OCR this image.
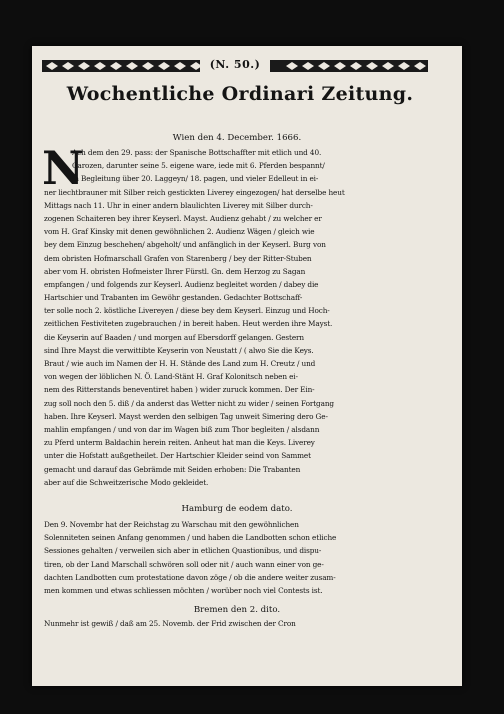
(N. 50.)
Wochentliche Ordinari Zeitung.
Wien den 4. December. 1666.
N
Ach dem den 29. pass: der Spanische Bottschaffter mit etlich und 40.
Carozen, darunter seine 5. eigene ware, iede mit 6. Pferden bespannt/
in Begleitung über 20. Laggeyn/ 18. pagen, und vieler Edelleut in ei-
ner liechtbrauner mit Silber reich gestickten Liverey eingezogen/ hat derselbe heut
Mittags nach 11. Uhr in einer andern blaulichten Liverey mit Silber durch-
zogenen Schaiteren bey ihrer Keyserl. Mayst. Audienz gehabt / zu welcher er
vom H. Graf Kinsky mit denen gewöhnlichen 2. Audienz Wägen / gleich wie
bey dem Einzug beschehen/ abgeholt/ und anfänglich in der Keyserl. Burg von
dem obristen Hofmarschall Grafen von Starenberg / bey der Ritter-Stuben
aber vom H. obristen Hofmeister Ihrer Fürstl. Gn. dem Herzog zu Sagan
empfangen / und folgends zur Keyserl. Audienz begleitet worden / dabey die
Hartschier und Trabanten im Gewöhr gestanden. Gedachter Bottschaff-
ter solle noch 2. köstliche Livereyen / diese bey dem Keyserl. Einzug und Hoch-
zeitlichen Festiviteten zugebrauchen / in bereit haben. Heut werden ihre Mayst.
die Keyserin auf Baaden / und morgen auf Ebersdorff gelangen. Gestern
sind Ihre Mayst die verwittibte Keyserin von Neustatt / ( alwo Sie die Keys.
Braut / wie auch im Namen der H. H. Stände des Land zum H. Creutz / und
von wegen der löblichen N. Ö. Land-Stänt H. Graf Kolonitsch neben ei-
nem des Ritterstands beneventiret haben ) wider zuruck kommen. Der Ein-
zug soll noch den 5. diß / da anderst das Wetter nicht zu wider / seinen Fortgang
haben. Ihre Keyserl. Mayst werden den selbigen Tag unweit Simering dero Ge-
mahlin empfangen / und von dar im Wagen biß zum Thor begleiten / alsdann
zu Pferd unterm Baldachin herein reiten. Anheut hat man die Keys. Liverey
unter die Hofstatt außgetheilet. Der Hartschier Kleider seind von Sammet
gemacht und darauf das Gebrämde mit Seiden erhoben: Die Trabanten
aber auf die Schweitzerische Modo gekleidet.
Hamburg de eodem dato.
Den 9. Novembr hat der Reichstag zu Warschau mit den gewöhnlichen
Solenniteten seinen Anfang genommen / und haben die Landbotten schon etliche
Sessiones gehalten / verweilen sich aber in etlichen Quastionibus, und dispu-
tiren, ob der Land Marschall schwören soll oder nit / auch wann einer von ge-
dachten Landbotten cum protestatione davon zöge / ob die andere weiter zusam-
men kommen und etwas schliessen möchten / worüber noch viel Contests ist.
Bremen den 2. dito.
Nunmehr ist gewiß / daß am 25. Novemb. der Frid zwischen der Cron
